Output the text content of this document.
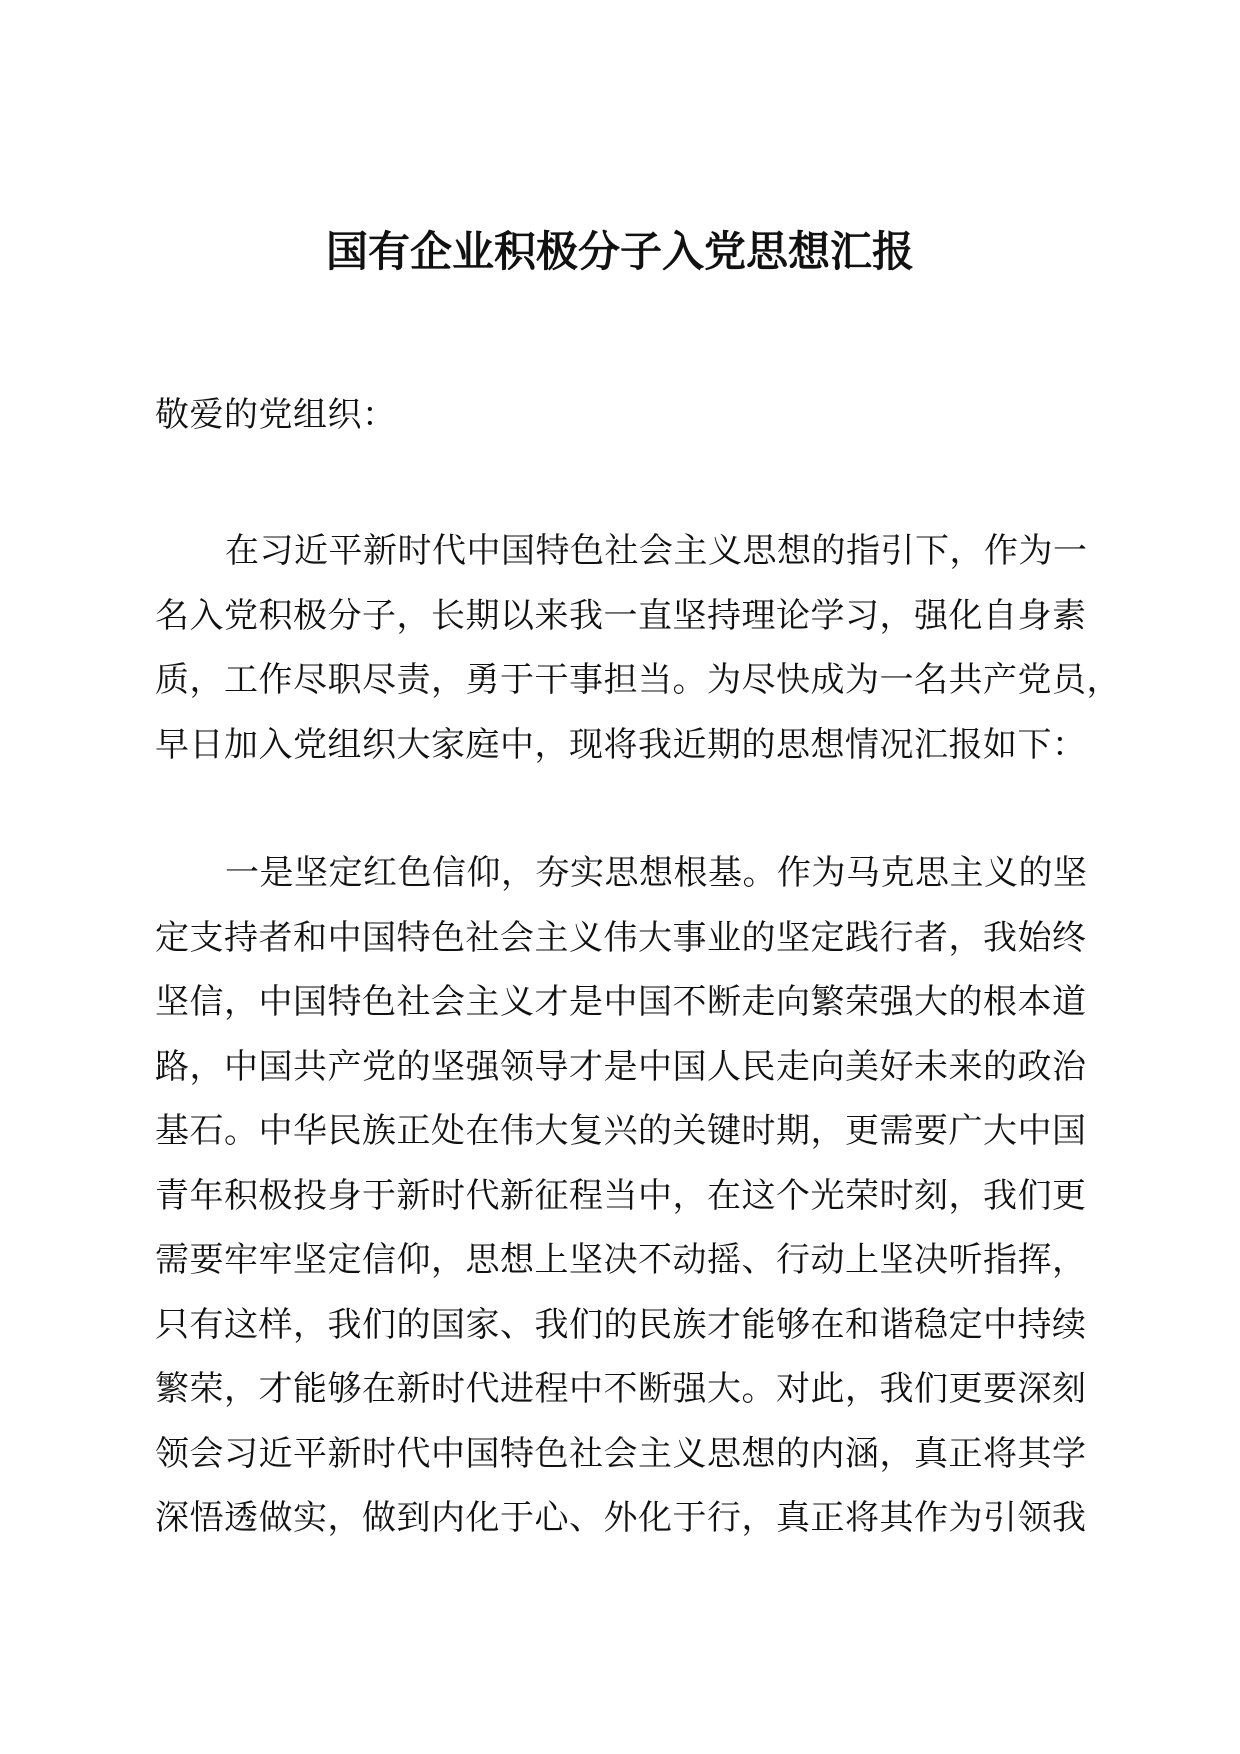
国有企业积极分子入党思想汇报
敬爱的党组织：
在习近平新时代中国特色社会主义思想的指引下，作为一
名入党积极分子，长期以来我一直坚持理论学习，强化自身素
质，工作尽职尽责，勇于干事担当。为尽快成为一名共产党员，
早日加入党组织大家庭中，现将我近期的思想情况汇报如下：
一是坚定红色信仰，夯实思想根基。作为马克思主义的坚
定支持者和中国特色社会主义伟大事业的坚定践行者，我始终
坚信，中国特色社会主义才是中国不断走向繁荣强大的根本道
路，中国共产党的坚强领导才是中国人民走向美好未来的政治
基石。中华民族正处在伟大复兴的关键时期，更需要广大中国
青年积极投身于新时代新征程当中，在这个光荣时刻，我们更
需要牢牢坚定信仰，思想上坚决不动摇、行动上坚决听指挥，
只有这样，我们的国家、我们的民族才能够在和谐稳定中持续
繁荣，才能够在新时代进程中不断强大。对此，我们更要深刻
领会习近平新时代中国特色社会主义思想的内涵，真正将其学
深悟透做实，做到内化于心、外化于行，真正将其作为引领我
